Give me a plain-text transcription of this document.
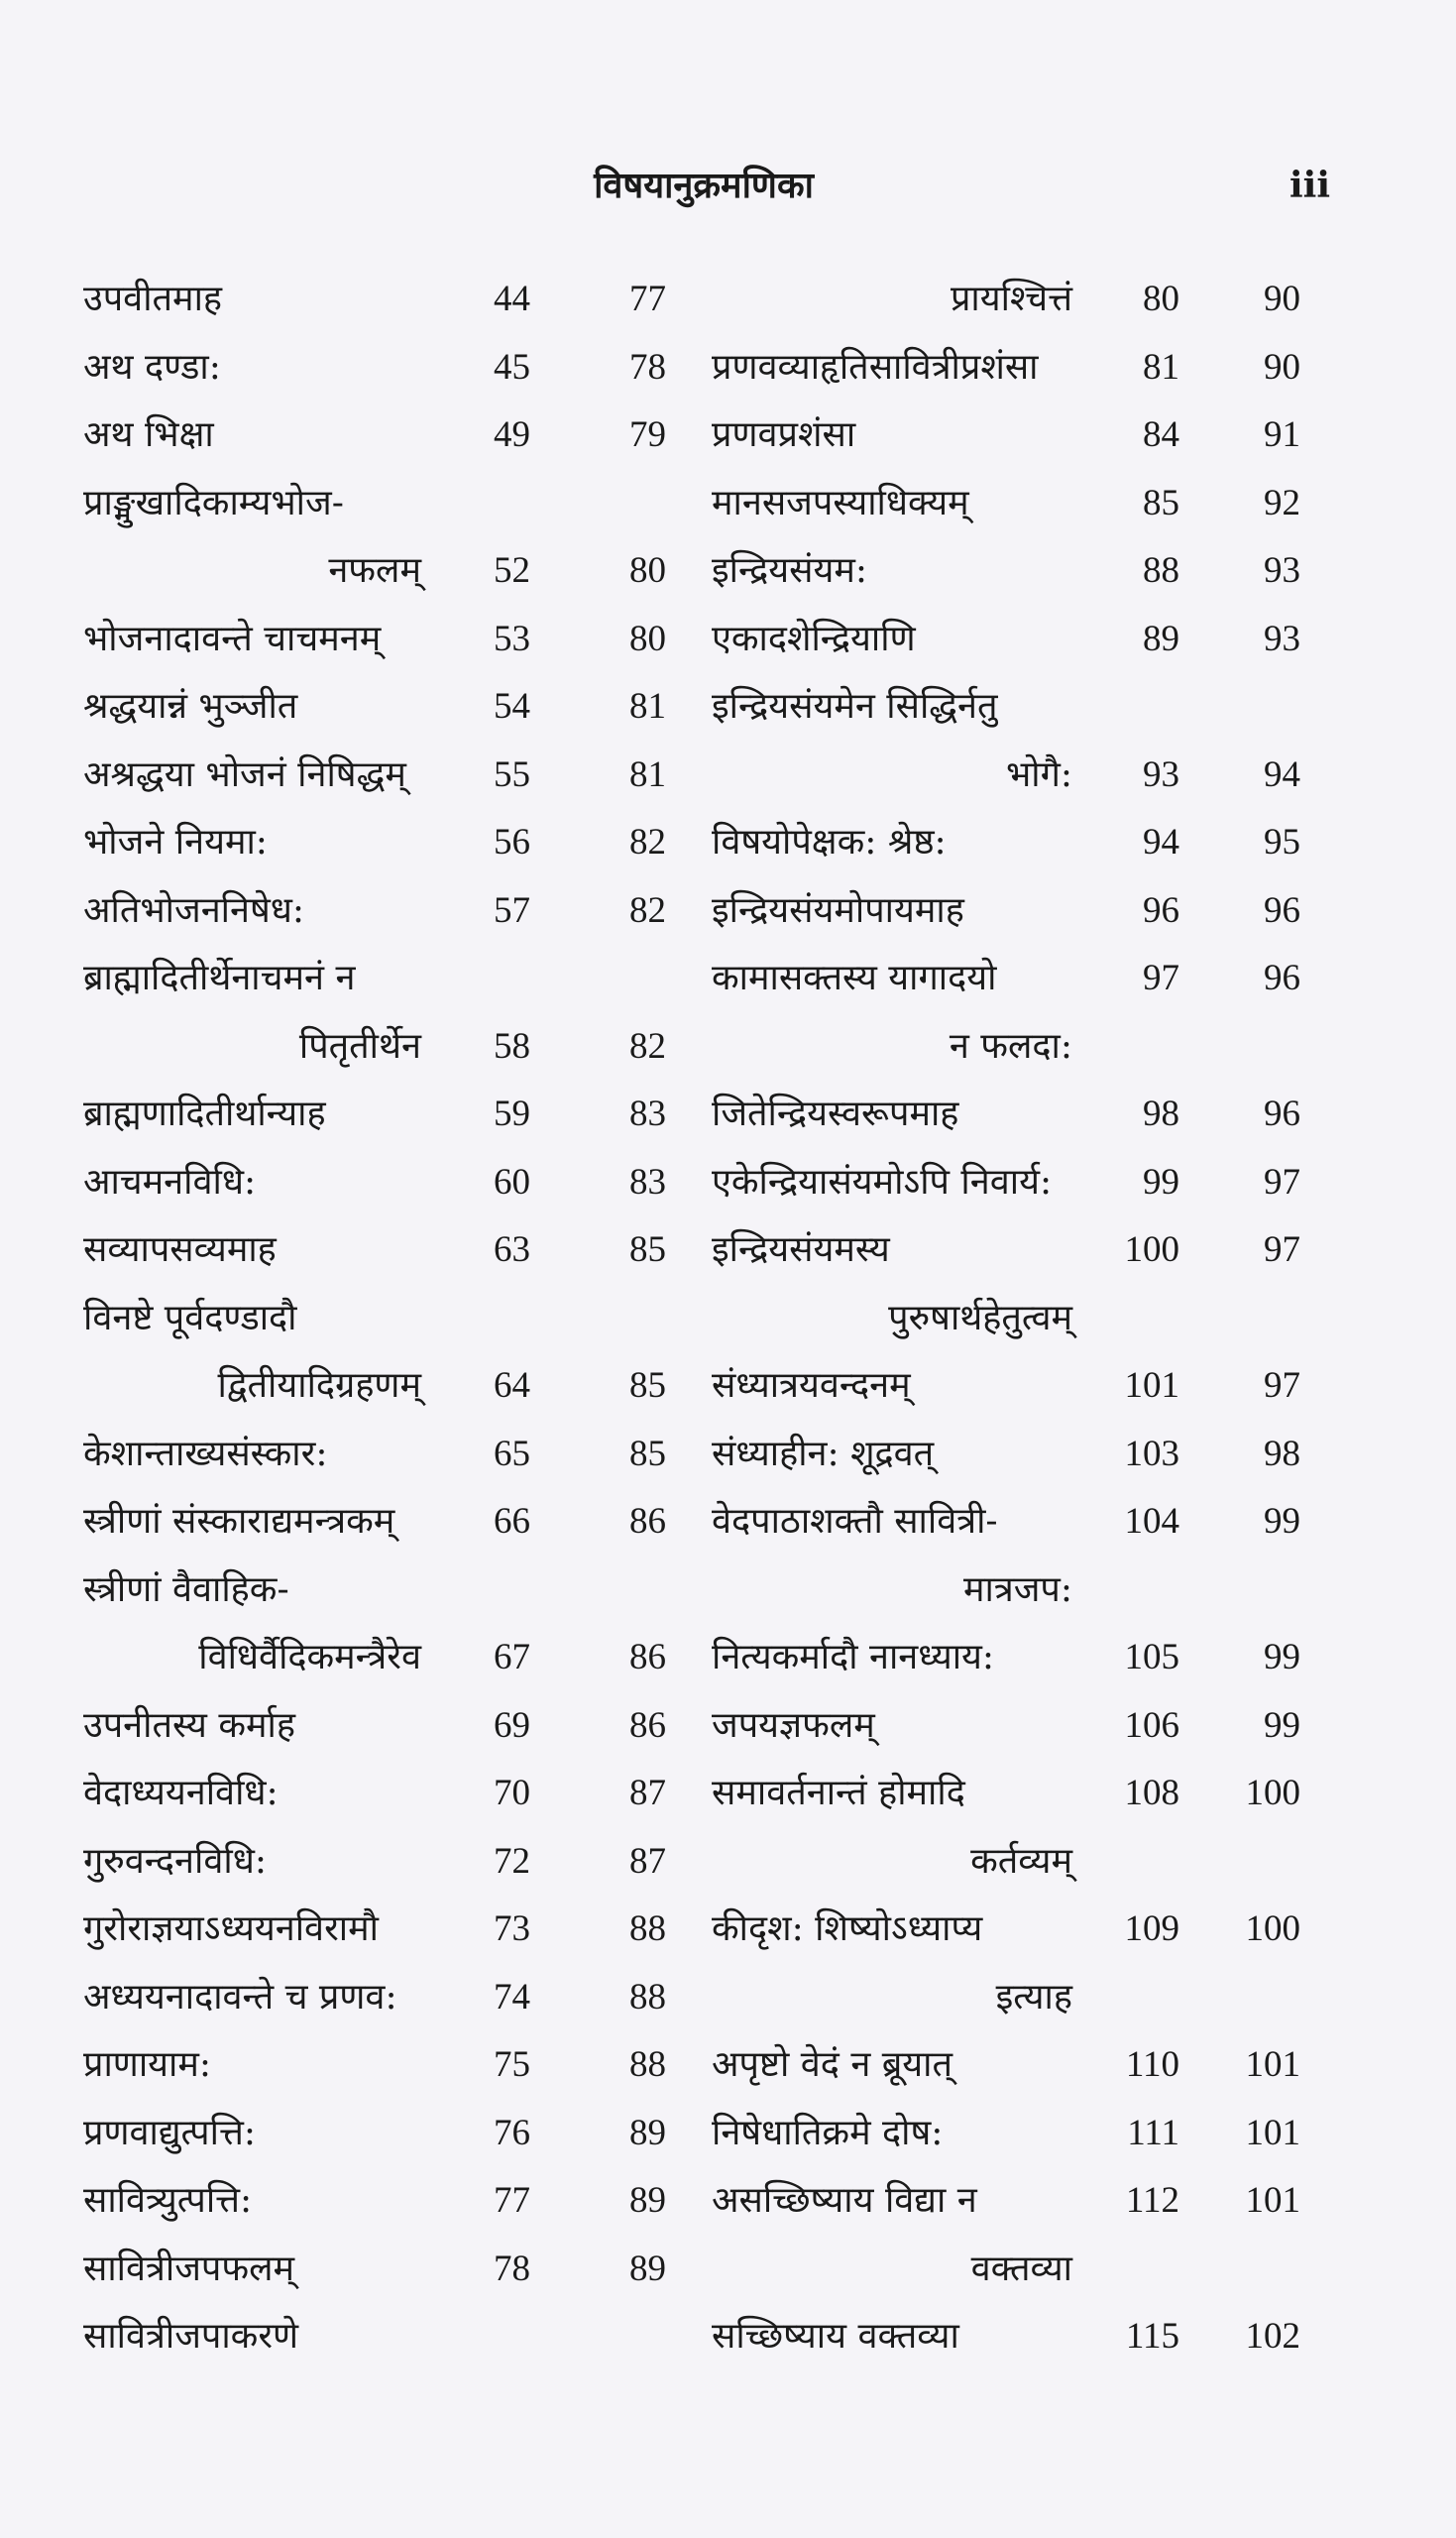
विषयानुक्रमणिका	iii
उपवीतमाह	44	77
अथ दण्डा:	45	78
अथ भिक्षा	49	79
प्राङ्मुखादिकाम्यभोज-
नफलम् 52	80
भोजनादावन्ते चाचमनम्	53	80
श्रद्धयान्नं भुञ्जीत	54	81
अश्रद्धया भोजनं निषिद्धम् 55	81
भोजने नियमा:	56	82
अतिभोजननिषेध:	57	82
ब्राह्मादितीर्थेनाचमनं न
पितृतीर्थेन 58	82
ब्राह्मणादितीर्थान्याह	59	83
आचमनविधि:	60	83
सव्यापसव्यमाह	63	85
विनष्टे पूर्वदण्डादौ
द्वितीयादिग्रहणम् 64	85
केशान्ताख्यसंस्कार:	65	85
स्त्रीणां संस्काराद्यमन्त्रकम्	66	86
स्त्रीणां वैवाहिक-
विधिर्वैदिकमन्त्रैरेव 67	86
उपनीतस्य कर्माह	69	86
वेदाध्ययनविधि:	70	87
गुरुवन्दनविधि:	72	87
गुरोराज्ञयाऽध्ययनविरामौ	73	88
अध्ययनादावन्ते च प्रणव:	74	88
प्राणायाम:	75	88
प्रणवाद्युत्पत्ति:	76	89
सावित्र्युत्पत्ति:	77	89
सावित्रीजपफलम्	78	89
सावित्रीजपाकरणे
प्रायश्चित्तं 80 90
प्रणवव्याहृतिसावित्रीप्रशंसा	81 90
प्रणवप्रशंसा	84 91
मानसजपस्याधिक्यम्	85 92
इन्द्रियसंयम:	88 93
एकादशेन्द्रियाणि	89 93
इन्द्रियसंयमेन सिद्धिर्नतु
भोगै: 93 94
विषयोपेक्षक: श्रेष्ठ:	94 95
इन्द्रियसंयमोपायमाह	96 96
कामासक्तस्य यागादयो	97 96
न फलदा:
जितेन्द्रियस्वरूपमाह	98 96
एकेन्द्रियासंयमोऽपि निवार्य: 99 97
इन्द्रियसंयमस्य	100 97
पुरुषार्थहेतुत्वम्
संध्यात्रयवन्दनम्	101 97
संध्याहीन: शूद्रवत्	103 98
वेदपाठाशक्तौ सावित्री-	104 99
मात्रजप:
नित्यकर्मादौ नानध्याय:	105 99
जपयज्ञफलम्	106 99
समावर्तनान्तं होमादि	108 100
कर्तव्यम्
कीदृश: शिष्योऽध्याप्य	109 100
इत्याह
अपृष्टो वेदं न ब्रूयात्	110 101
निषेधातिक्रमे दोष:	111 101
असच्छिष्याय विद्या न	112 101
वक्तव्या
सच्छिष्याय वक्तव्या	115 102
